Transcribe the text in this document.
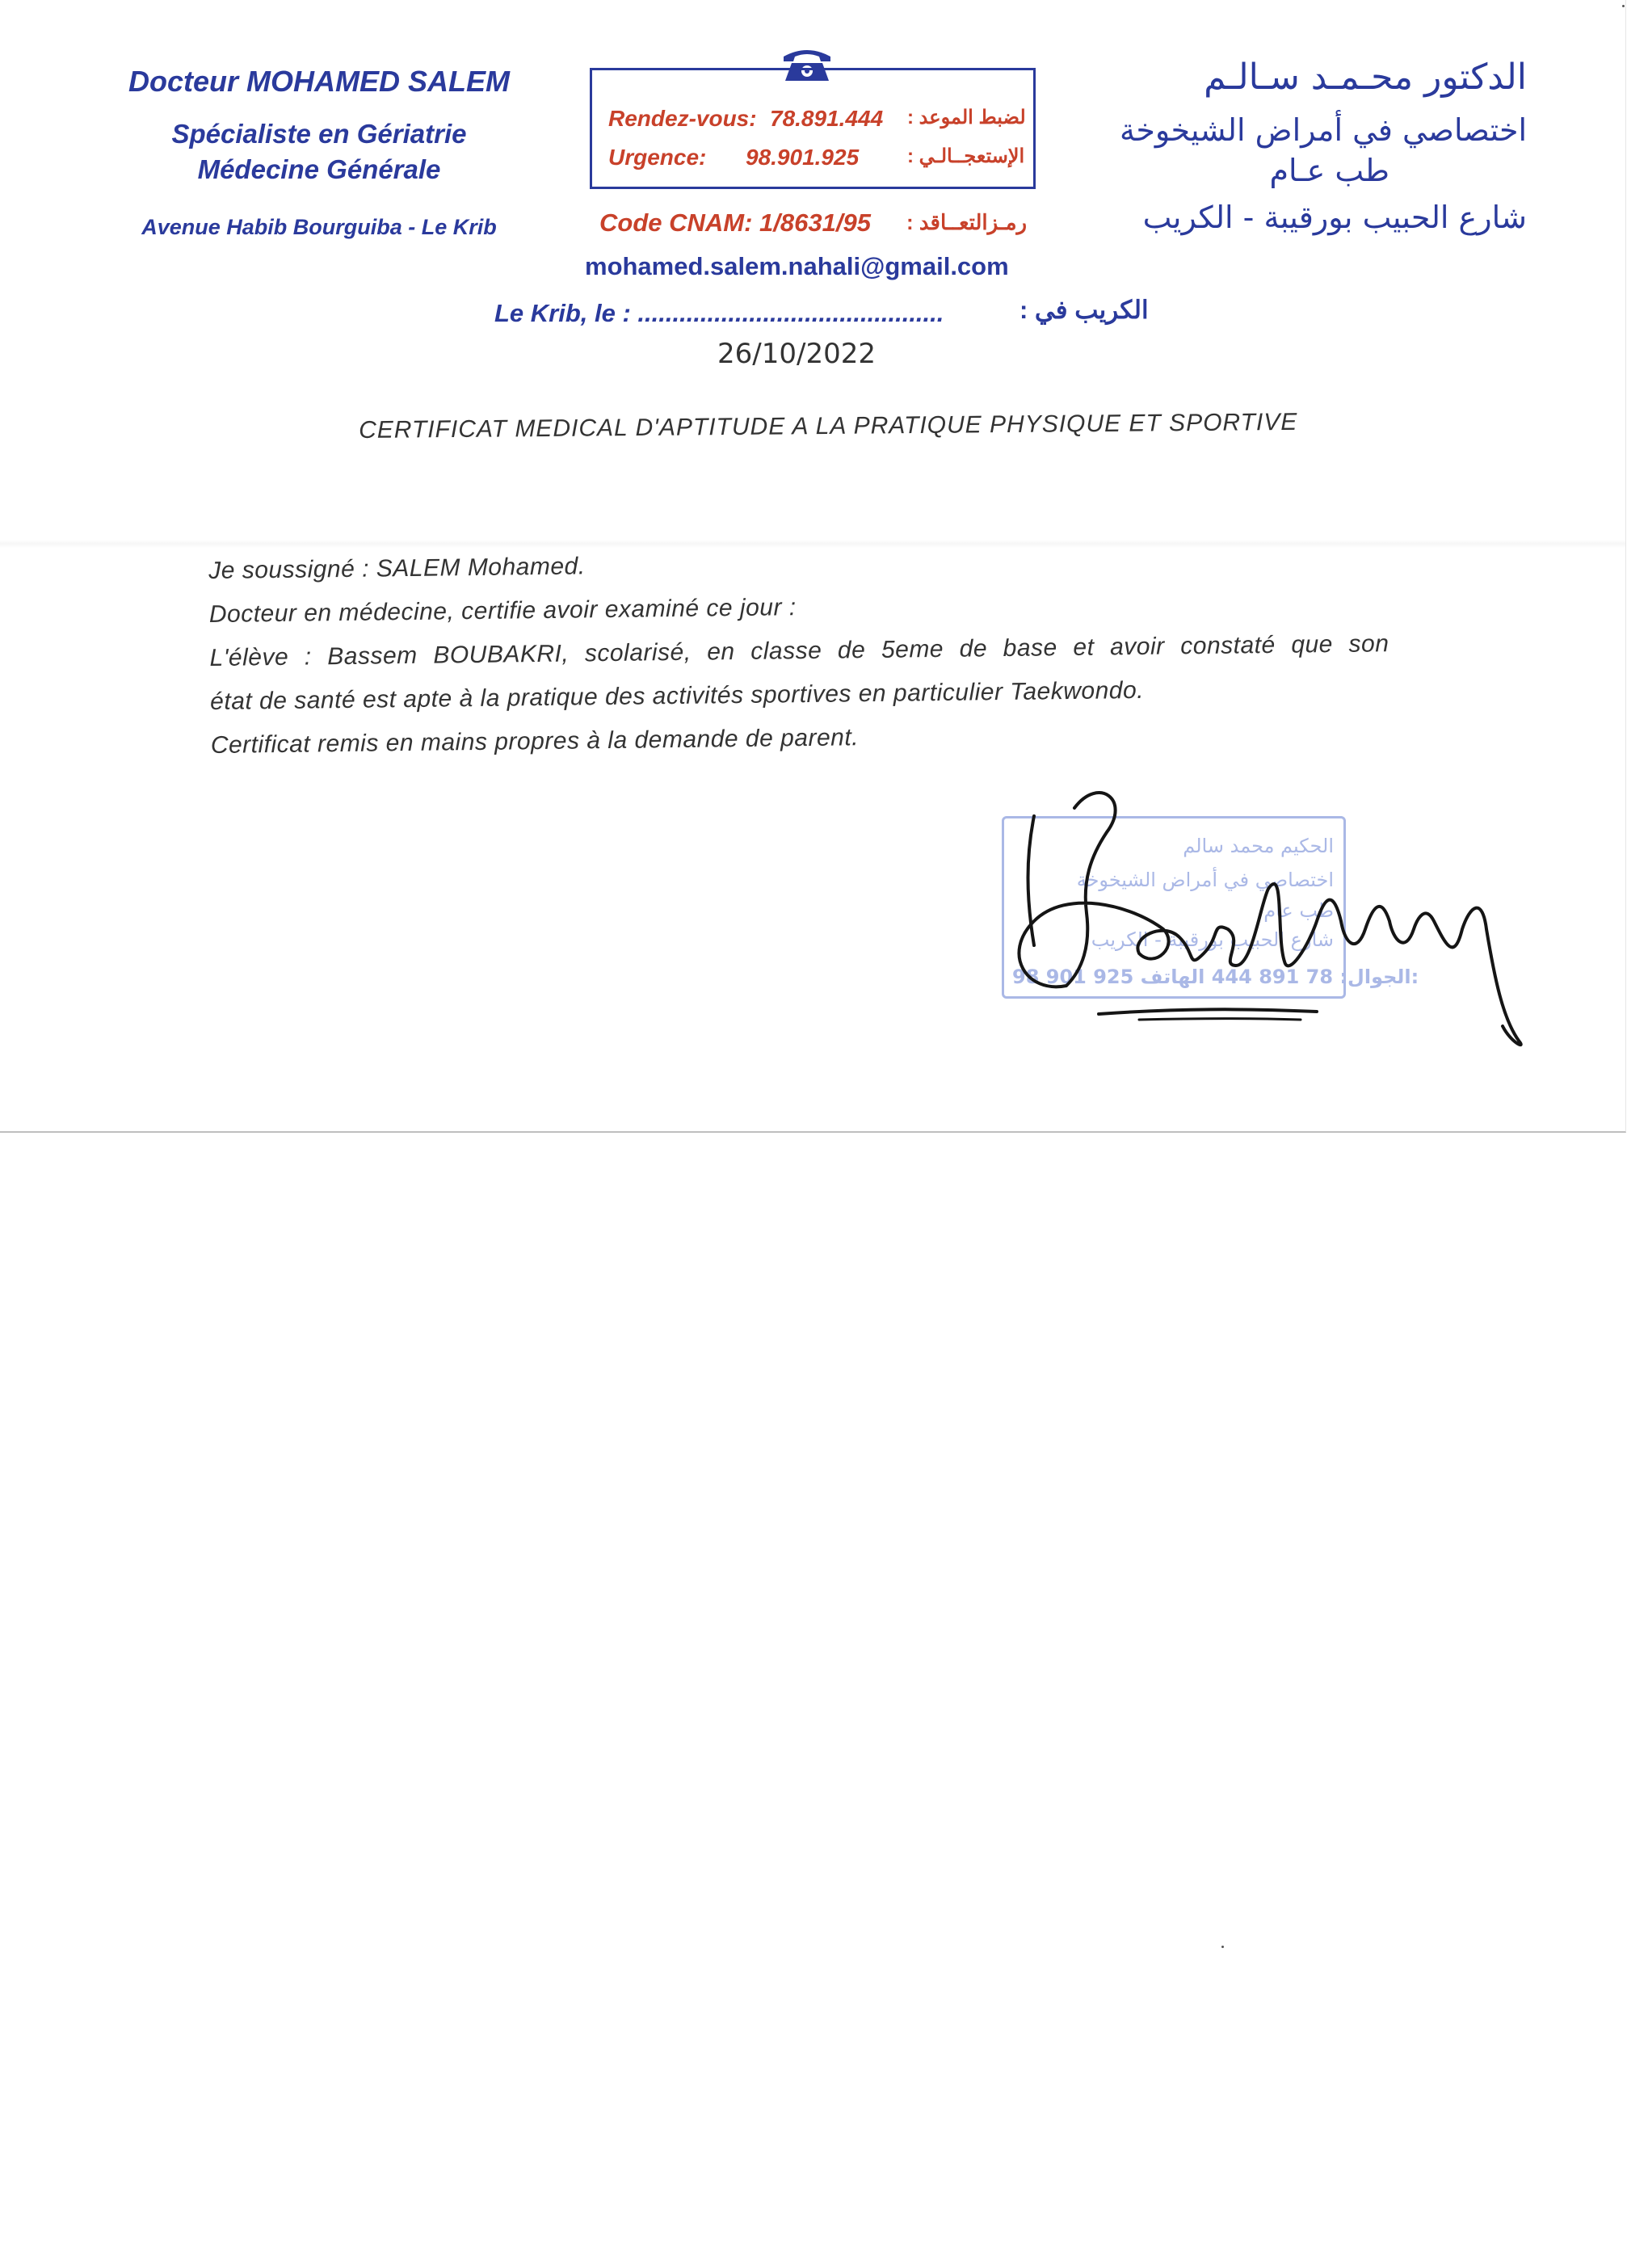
Docteur MOHAMED SALEM
Spécialiste en Gériatrie
Médecine Générale
Avenue Habib Bourguiba - Le Krib
Rendez-vous: 78.891.444 لضبط الموعد :
Urgence: 98.901.925 الإستعجــالـي :
Code CNAM: 1/8631/95 رمـزالتعــاقد :
mohamed.salem.nahali@gmail.com
Le Krib, le : ............................................	الكريب في :
26/10/2022
الدكتور محـمـد سـالـم
اختصاصي في أمراض الشيخوخة
طب عـام
شارع الحبيب بورقيبة - الكريب
CERTIFICAT MEDICAL D'APTITUDE A LA PRATIQUE PHYSIQUE ET SPORTIVE
Je soussigné : SALEM Mohamed.
Docteur en médecine, certifie avoir examiné ce jour :
L'élève : Bassem BOUBAKRI, scolarisé, en classe de 5eme de base et avoir constaté que son
état de santé est apte à la pratique des activités sportives en particulier Taekwondo.
Certificat remis en mains propres à la demande de parent.
الحكيم محمد سالم
اختصاصي في أمراض الشيخوخة
طب عام
شارع الحبيب بورقيبة - الكريب
98 901 925 الجوال: 78 891 444 الهاتف:
